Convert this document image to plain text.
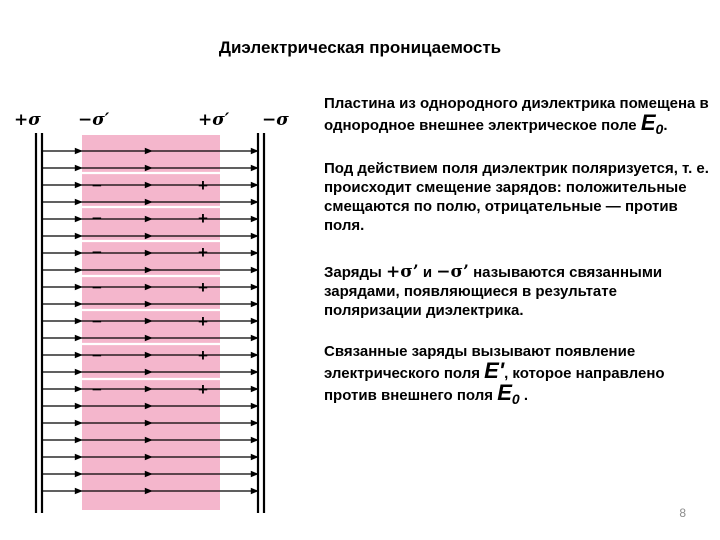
Диэлектрическая проницаемость
+σ −σ′	+σ′ −σ
−	+
−	+
−	+
−	+
−	+
−	+
−	+

Пластина из однородного диэлектрика помещена в однородное внешнее электрическое поле $E_0$.

Под действием поля диэлектрик поляризуется, т. е. происходит смещение зарядов: положительные смещаются по полю, отрицательные — против поля.

Заряды +σ’ и −σ’ называются связанными зарядами, появляющиеся в результате поляризации диэлектрика.

Связанные заряды вызывают появление электрического поля E', которое направлено против внешнего поля $E_0$ .

8
